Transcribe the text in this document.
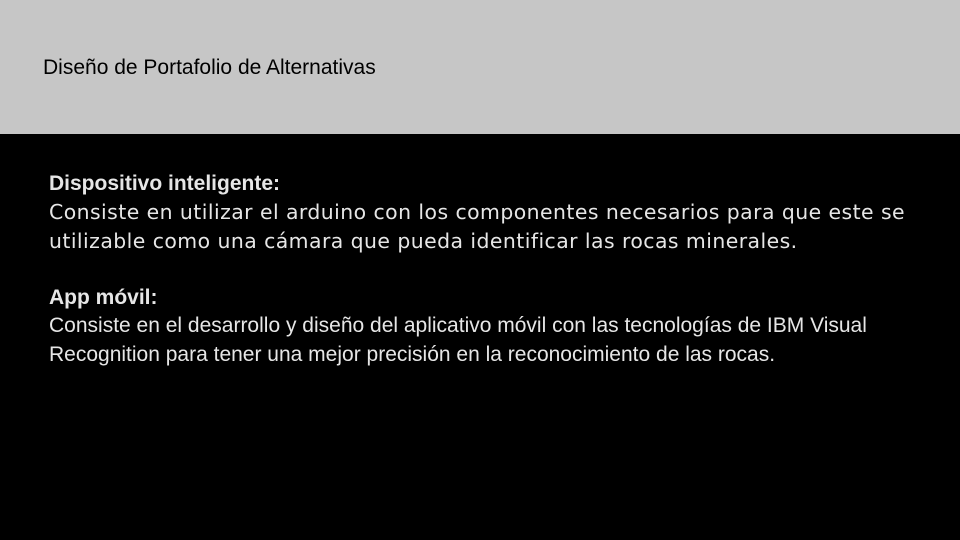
Diseño de Portafolio de Alternativas

Dispositivo inteligente:

Consiste en utilizar el arduino con los componentes necesarios para que este se utilizable como una cámara que pueda identificar las rocas minerales.

App móvil:

Consiste en el desarrollo y diseño del aplicativo móvil con las tecnologías de IBM Visual Recognition para tener una mejor precisión en la reconocimiento de las rocas.
